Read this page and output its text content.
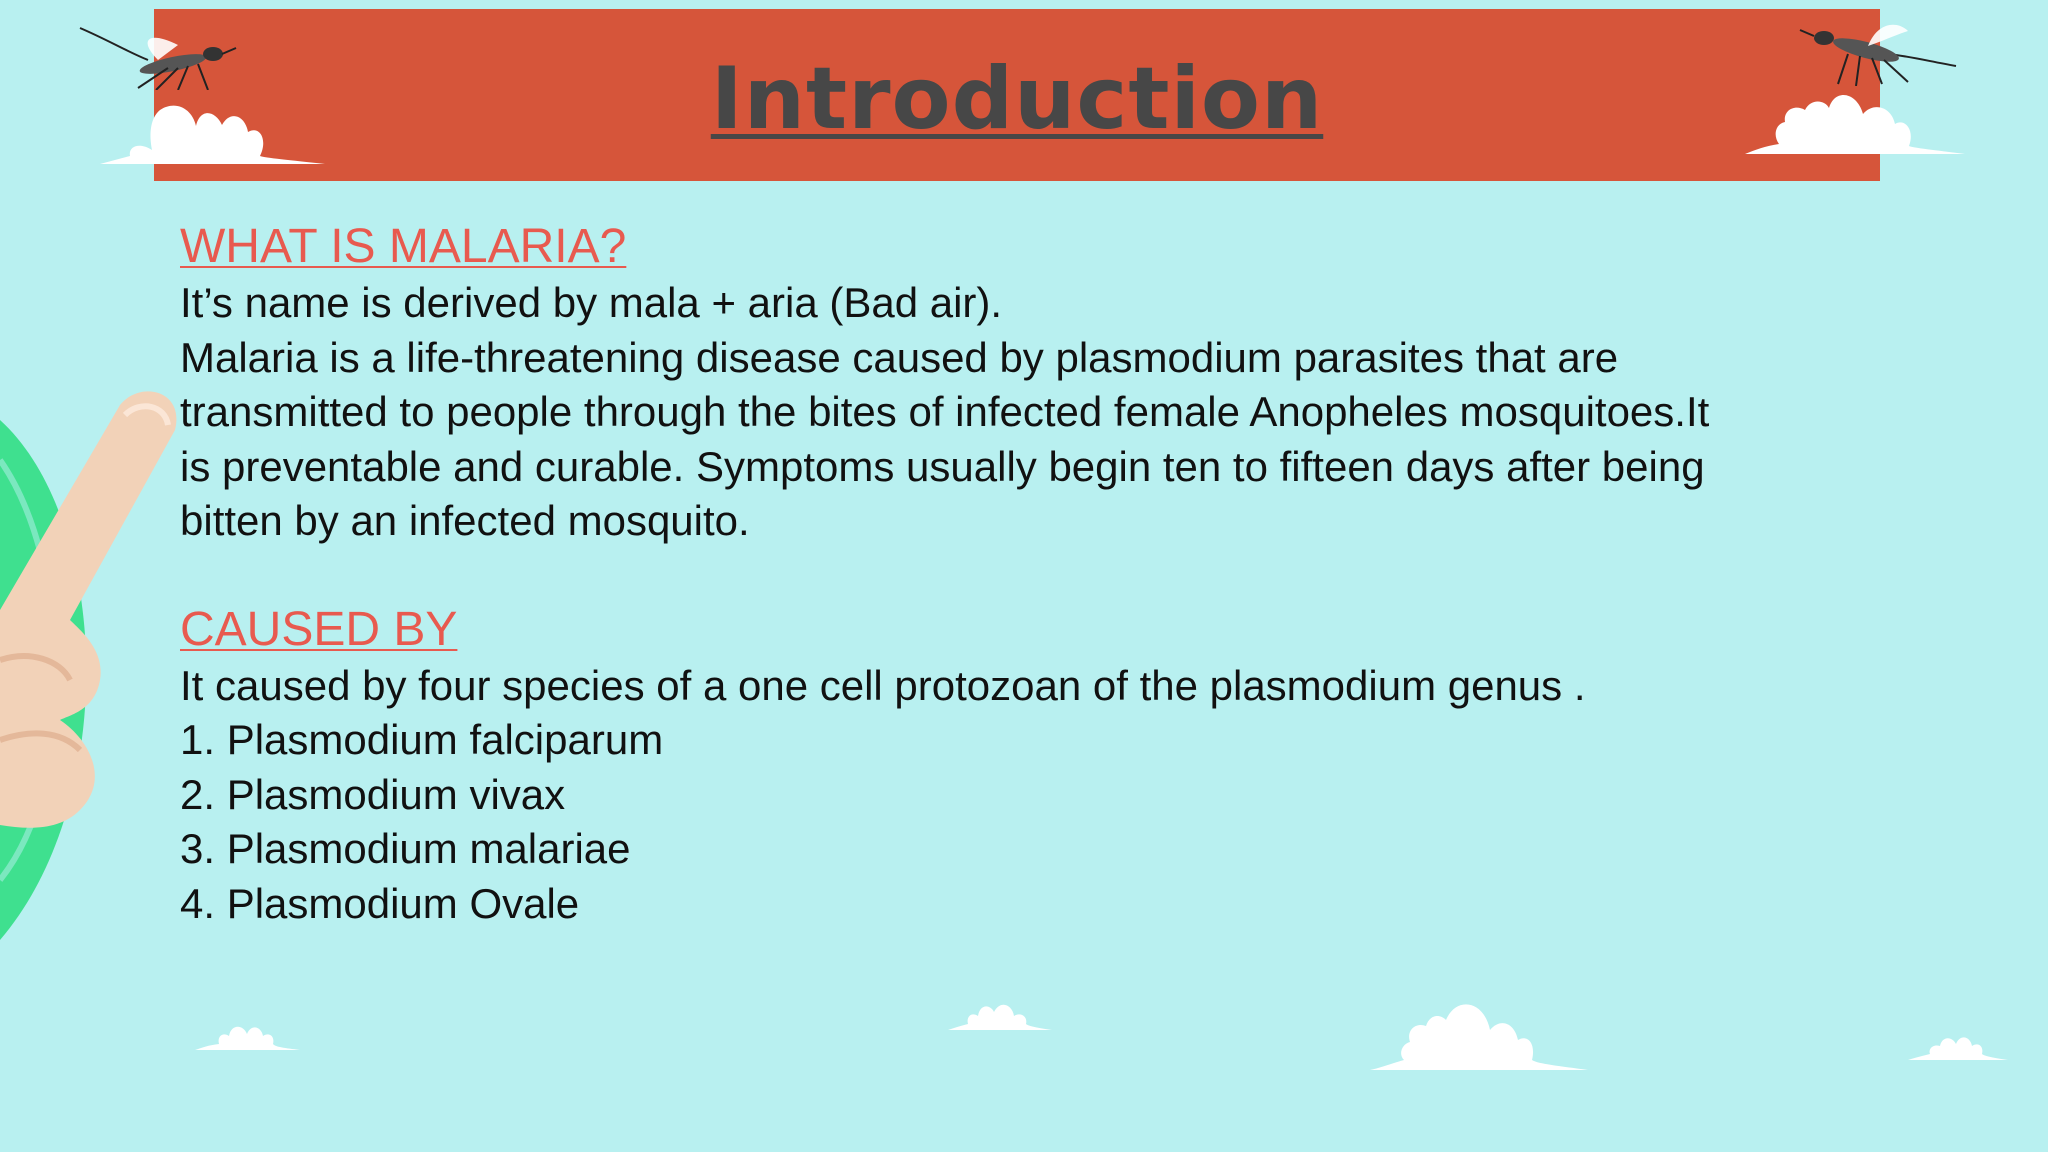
Introduction
WHAT IS MALARIA?
It’s name is derived by mala + aria (Bad air).
Malaria is a life-threatening disease caused by plasmodium parasites that are
transmitted to people through the bites of infected female Anopheles mosquitoes.It
is preventable and curable. Symptoms usually begin ten to fifteen days after being
bitten by an infected mosquito.
CAUSED BY
It caused by four species of a one cell protozoan of the plasmodium genus .
1. Plasmodium falciparum
2. Plasmodium vivax
3. Plasmodium malariae
4. Plasmodium Ovale
